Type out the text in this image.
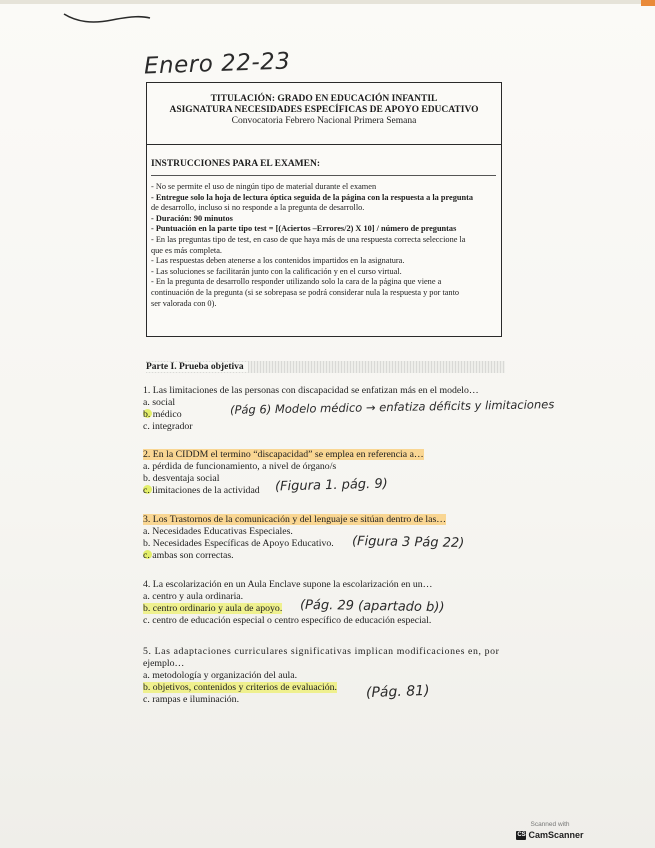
Enero 22-23
TITULACIÓN: GRADO EN EDUCACIÓN INFANTIL
ASIGNATURA NECESIDADES ESPECÍFICAS DE APOYO EDUCATIVO
Convocatoria Febrero Nacional Primera Semana
INSTRUCCIONES PARA EL EXAMEN:
- No se permite el uso de ningún tipo de material durante el examen
- Entregue solo la hoja de lectura óptica seguida de la página con la respuesta a la pregunta
de desarrollo, incluso si no responde a la pregunta de desarrollo.
- Duración: 90 minutos
- Puntuación en la parte tipo test = [(Aciertos –Errores/2) X 10] / número de preguntas
- En las preguntas tipo de test, en caso de que haya más de una respuesta correcta seleccione la
que es más completa.
- Las respuestas deben atenerse a los contenidos impartidos en la asignatura.
- Las soluciones se facilitarán junto con la calificación y en el curso virtual.
- En la pregunta de desarrollo responder utilizando solo la cara de la página que viene a
continuación de la pregunta (si se sobrepasa se podrá considerar nula la respuesta y por tanto
ser valorada con 0).
Parte I. Prueba objetiva
1. Las limitaciones de las personas con discapacidad se enfatizan más en el modelo…
a. social
b. médico
c. integrador
(Pág 6) Modelo médico → enfatiza déficits y limitaciones
2. En la CIDDM el termino “discapacidad” se emplea en referencia a…
a. pérdida de funcionamiento, a nivel de órgano/s
b. desventaja social
c. limitaciones de la actividad	(Figura 1. pág. 9)
3. Los Trastornos de la comunicación y del lenguaje se sitúan dentro de las…
a. Necesidades Educativas Especiales.
b. Necesidades Específicas de Apoyo Educativo.
c. ambas son correctas.
(Figura 3 Pág 22)
4. La escolarización en un Aula Enclave supone la escolarización en un…
a. centro y aula ordinaria.
b. centro ordinario y aula de apoyo.
c. centro de educación especial o centro específico de educación especial.
(Pág. 29 (apartado b))
5. Las adaptaciones curriculares significativas implican modificaciones en, por
ejemplo…
a. metodología y organización del aula.
b. objetivos, contenidos y criterios de evaluación.
c. rampas e iluminación.	(Pág. 81)
Scanned with
CS CamScanner
